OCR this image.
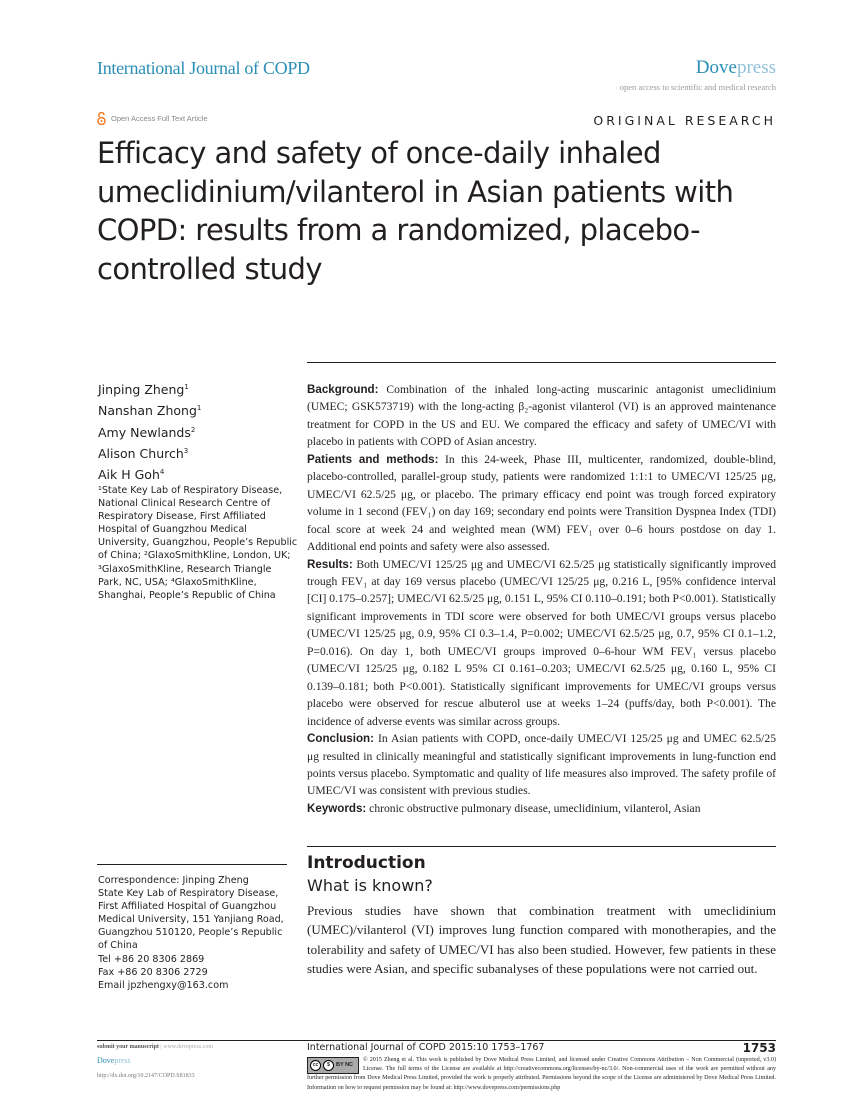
International Journal of COPD	Dovepress
open access to scientific and medical research
Open Access Full Text Article	ORIGINAL RESEARCH
Efficacy and safety of once-daily inhaled umeclidinium/vilanterol in Asian patients with COPD: results from a randomized, placebo-controlled study
Jinping Zheng$^1$
Nanshan Zhong$^1$
Amy Newlands$^2$
Alison Church$^3$
Aik H Goh$^4$
¹State Key Lab of Respiratory Disease, National Clinical Research Centre of Respiratory Disease, First Affiliated Hospital of Guangzhou Medical University, Guangzhou, People’s Republic of China; ²GlaxoSmithKline, London, UK; ³GlaxoSmithKline, Research Triangle Park, NC, USA; ⁴GlaxoSmithKline, Shanghai, People’s Republic of China

Background: Combination of the inhaled long-acting muscarinic antagonist umeclidinium (UMEC; GSK573719) with the long-acting β₂-agonist vilanterol (VI) is an approved maintenance treatment for COPD in the US and EU. We compared the efficacy and safety of UMEC/VI with placebo in patients with COPD of Asian ancestry.

Patients and methods: In this 24-week, Phase III, multicenter, randomized, double-blind, placebo-controlled, parallel-group study, patients were randomized 1:1:1 to UMEC/VI 125/25 μg, UMEC/VI 62.5/25 μg, or placebo. The primary efficacy end point was trough forced expiratory volume in 1 second (FEV₁) on day 169; secondary end points were Transition Dyspnea Index (TDI) focal score at week 24 and weighted mean (WM) FEV₁ over 0–6 hours postdose on day 1. Additional end points and safety were also assessed.

Results: Both UMEC/VI 125/25 μg and UMEC/VI 62.5/25 μg statistically significantly improved trough FEV₁ at day 169 versus placebo (UMEC/VI 125/25 μg, 0.216 L, [95% confidence interval [CI] 0.175–0.257]; UMEC/VI 62.5/25 μg, 0.151 L, 95% CI 0.110–0.191; both P<0.001). Statistically significant improvements in TDI score were observed for both UMEC/VI groups versus placebo (UMEC/VI 125/25 μg, 0.9, 95% CI 0.3–1.4, P=0.002; UMEC/VI 62.5/25 μg, 0.7, 95% CI 0.1–1.2, P=0.016). On day 1, both UMEC/VI groups improved 0–6-hour WM FEV₁ versus placebo (UMEC/VI 125/25 μg, 0.182 L 95% CI 0.161–0.203; UMEC/VI 62.5/25 μg, 0.160 L, 95% CI 0.139–0.181; both P<0.001). Statistically significant improvements for UMEC/VI groups versus placebo were observed for rescue albuterol use at weeks 1–24 (puffs/day, both P<0.001). The incidence of adverse events was similar across groups.

Conclusion: In Asian patients with COPD, once-daily UMEC/VI 125/25 μg and UMEC 62.5/25 μg resulted in clinically meaningful and statistically significant improvements in lung-function end points versus placebo. Symptomatic and quality of life measures also improved. The safety profile of UMEC/VI was consistent with previous studies.

Keywords: chronic obstructive pulmonary disease, umeclidinium, vilanterol, Asian

Correspondence: Jinping Zheng
State Key Lab of Respiratory Disease,
First Affiliated Hospital of Guangzhou
Medical University, 151 Yanjiang Road,
Guangzhou 510120, People’s Republic
of China
Tel +86 20 8306 2869
Fax +86 20 8306 2729
Email jpzhengxy@163.com
Introduction
What is known?

Previous studies have shown that combination treatment with umeclidinium (UMEC)/vilanterol (VI) improves lung function compared with monotherapies, and the tolerability and safety of UMEC/VI has also been studied. However, few patients in these studies were Asian, and specific subanalyses of these populations were not carried out.

submit your manuscript | www.dovepress.com
Dovepress
http://dx.doi.org/10.2147/COPD.S81833
International Journal of COPD 2015:10 1753–1767	1753
cc	$	BY NC
© 2015 Zheng et al. This work is published by Dove Medical Press Limited, and licensed under Creative Commons Attribution – Non Commercial (unported, v3.0) License. The full terms of the License are available at http://creativecommons.org/licenses/by-nc/3.0/. Non-commercial uses of the work are permitted without any further permission from Dove Medical Press Limited, provided the work is properly attributed. Permissions beyond the scope of the License are administered by Dove Medical Press Limited. Information on how to request permission may be found at: http://www.dovepress.com/permissions.php
